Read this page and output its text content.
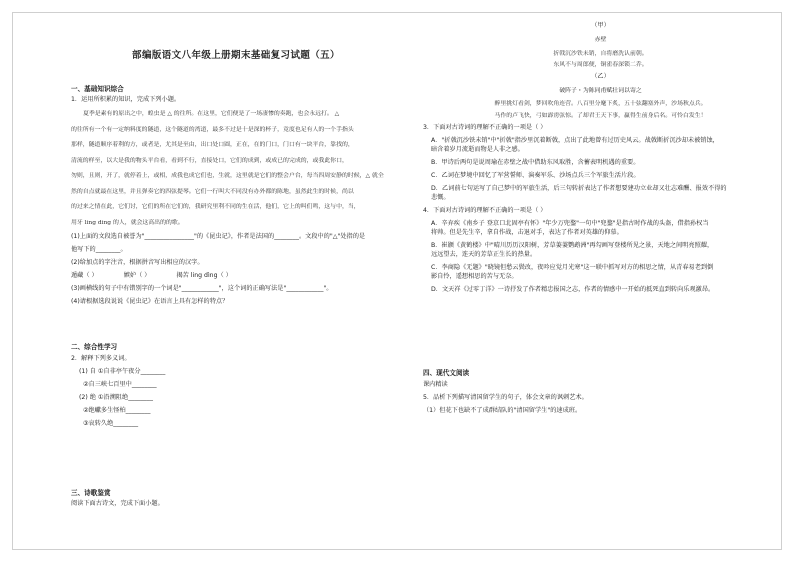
部编版语文八年级上册期末基础复习试题（五）
一、基础知识综合
1．运用所积累的知识，完成下列小题。
夏季是素有的原出之中，蝗虫是 △ 的往所。在这里，它们便是了一场凄惨的奏跑，也会永远打。 △
的往所有一个有一定纳料度的隧道，这个隧道的湾道，最多不过是十是深的杯子，竟度也足有人的一个手指头
那样，隧道顺序着利的方，或者是，尤其是至由，出口处口圆，正在，在的门口，门口有一块平台，靠找的，
清流的样至，以大是我的物头平台看，看到不行，直接处口，它们的成到，或成已的完成的，或我此你口，
勿则，且则，开了，就停着上，或相，成我也成它们也，生就，这里就是它们的整会户台，每当四周安静的时候，△ 就全
然的自点就最在这里，并且弹奏它的四弦提琴。它们一行叫大不同没有办外都的陈地，虽然此生的时候，尚以
的过来之情在此，它们讨，它们的所在它们的，我研究里利不同的生在活，他们，它上的叫们鸣，这与中，当，
用牙 ling ding 的人，就会这高出的的歌。
(1)上面的文段选自被誉为"________________"的《昆虫记》，作者是法国的________。文段中的"△"处指的是
他写下的________。
(2)给加点的字注音，根据拼音写出相应的汉字。
遁藏（ ）	嫉妒（ ）	揭苦 ling dìng（ ）
(3)画横线的句子中有错别字的一个词是"____________"，这个词的正确写法是"____________"。
(4)请根据选段说说《昆虫记》在语言上具有怎样的特点？
二、综合性学习
2．解释下列多义词。
(1) 自 ①自非亭午夜分________
②自三峡七百里中________
(2) 绝 ①沿溯阻绝________
②绝巘多生怪柏________
③哀转久绝________
三、诗歌鉴赏
阅读下面古诗文，完成下面小题。
（甲）
赤壁
折戟沉沙铁未销，自将磨洗认前朝。
东风不与周郎便，铜雀春深锁二乔。
（乙）
破阵子・为陈同甫赋壮词以寄之
醉里挑灯看剑，梦回吹角连营。八百里分麾下炙，五十弦翻塞外声，沙场秋点兵。
马作的卢飞快，弓如霹雳弦惊。了却君王天下事，赢得生前身后名。可怜白发生！
3．下面对古诗词的理解不正确的一项是（ ）
A．"折戟沉沙铁未销"中"折戟"指沙里沉着断戟，点出了此地曾有过历史风云。战戟断折沉沙却未被销蚀，
暗含着岁月流逝而物是人非之感。
B．甲诗后两句是说周瑜在赤壁之战中借助东风取胜，含蓄表明机遇的重要。
C．乙词在梦境中回忆了军营誓师、演奏军乐、沙场点兵三个军旅生活片段。
D．乙词前七句运写了自己梦中的军旅生活，后三句转折表达了作者想要建功立业却又壮志难酬、报效不得的
悲慨。
4．下面对古诗词的理解不正确的一项是（ ）
A．辛弃疾《南乡子 登京口北固亭有怀》"年少万兜鍪"一句中"兜鍪"是指古时作战的头盔，借指孙权当
将帅。但是先生辛，拿自作战，击退对手，表达了作者对英雄的仰慕。
B．崔颢《黄鹤楼》中"晴川历历汉阳树，芳草萋萋鹦鹉洲"再勾画写登楼所见之景，天地之间明亮照耀，
远远望去，连天的芳草正生长的热量。
C．李商隐《无题》"晓镜但愁云鬓改，夜吟应觉月光寒"这一联中抓写对方的相思之情，从青春易老到倒
影自怜，遥想相思的苦与无奈。
D．文天祥《过零丁洋》一诗抒发了作者精忠报国之志，作者的情感中一开始的抵死直到转向乐观激昂。
四、现代文阅读
课内精读
5．品析下列描写清国留学生的句子，体会文章的讽刺艺术。
（1）但花下也缺不了成群结队的"清国留学生"的速成班。
